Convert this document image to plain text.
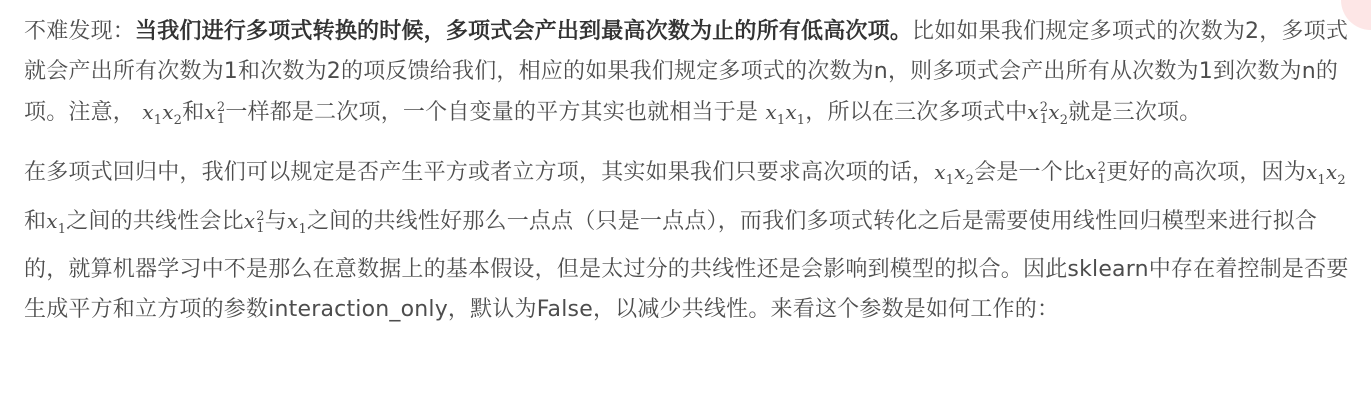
不难发现：当我们进行多项式转换的时候，多项式会产出到最高次数为止的所有低高次项。比如如果我们规定多项式的次数为2，多项式就会产出所有次数为1和次数为2的项反馈给我们，相应的如果我们规定多项式的次数为n，则多项式会产出所有从次数为1到次数为n的项。注意， $x_1x_2$和x 2
1 一样都是二次项，一个自变量的平方其实也就相当于是 $x_1x_1$，所以在三次多项式中x 2
1 $x_2$就是三次项。

在多项式回归中，我们可以规定是否产生平方或者立方项，其实如果我们只要求高次项的话，$x_1x_2$会是一个比x 2
1 更好的高次项，因为$x_1x_2$和$x_1$之间的共线性会比x 2
1 与$x_1$之间的共线性好那么一点点（只是一点点），而我们多项式转化之后是需要使用线性回归模型来进行拟合的，就算机器学习中不是那么在意数据上的基本假设，但是太过分的共线性还是会影响到模型的拟合。因此sklearn中存在着控制是否要生成平方和立方项的参数interaction_only，默认为False，以减少共线性。来看这个参数是如何工作的：
